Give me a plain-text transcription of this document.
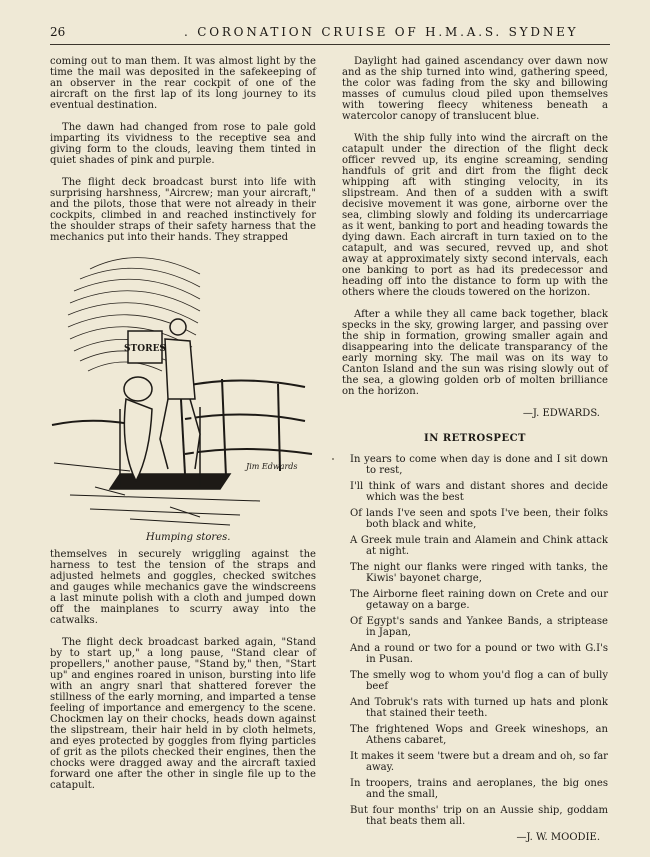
26	. CORONATION CRUISE OF H.M.A.S. SYDNEY

coming out to man them. It was almost light by the time the mail was deposited in the safekeeping of an observer in the rear cockpit of one of the aircraft on the first lap of its long journey to its eventual destination.

The dawn had changed from rose to pale gold imparting its vividness to the receptive sea and giving form to the clouds, leaving them tinted in quiet shades of pink and purple.

The flight deck broadcast burst into life with surprising harshness, "Aircrew; man your aircraft," and the pilots, those that were not already in their cockpits, climbed in and reached instinctively for the shoulder straps of their safety harness that the mechanics put into their hands. They strapped

STORES
Jim Edwards
Humping stores.

themselves in securely wriggling against the harness to test the tension of the straps and adjusted helmets and goggles, checked switches and gauges while mechanics gave the windscreens a last minute polish with a cloth and jumped down off the mainplanes to scurry away into the catwalks.

The flight deck broadcast barked again, "Stand by to start up," a long pause, "Stand clear of propellers," another pause, "Stand by," then, "Start up" and engines roared in unison, bursting into life with an angry snarl that shattered forever the stillness of the early morning, and imparted a tense feeling of importance and emergency to the scene. Chockmen lay on their chocks, heads down against the slipstream, their hair held in by cloth helmets, and eyes protected by goggles from flying particles of grit as the pilots checked their engines, then the chocks were dragged away and the aircraft taxied forward one after the other in single file up to the catapult.

Daylight had gained ascendancy over dawn now and as the ship turned into wind, gathering speed, the color was fading from the sky and billowing masses of cumulus cloud piled upon themselves with towering fleecy whiteness beneath a watercolor canopy of translucent blue.

With the ship fully into wind the aircraft on the catapult under the direction of the flight deck officer revved up, its engine screaming, sending handfuls of grit and dirt from the flight deck whipping aft with stinging velocity, in its slipstream. And then of a sudden with a swift decisive movement it was gone, airborne over the sea, climbing slowly and folding its undercarriage as it went, banking to port and heading towards the dying dawn. Each aircraft in turn taxied on to the catapult, and was secured, revved up, and shot away at approximately sixty second intervals, each one banking to port as had its predecessor and heading off into the distance to form up with the others where the clouds towered on the horizon.

After a while they all came back together, black specks in the sky, growing larger, and passing over the ship in formation, growing smaller again and disappearing into the delicate transparancy of the early morning sky. The mail was on its way to Canton Island and the sun was rising slowly out of the sea, a glowing golden orb of molten brilliance on the horizon.

—J. EDWARDS.
IN RETROSPECT

In years to come when day is done and I sit down to rest,

I'll think of wars and distant shores and decide which was the best

Of lands I've seen and spots I've been, their folks both black and white,

A Greek mule train and Alamein and Chink attack at night.

The night our flanks were ringed with tanks, the Kiwis' bayonet charge,

The Airborne fleet raining down on Crete and our getaway on a barge.

Of Egypt's sands and Yankee Bands, a striptease in Japan,

And a round or two for a pound or two with G.I's in Pusan.

The smelly wog to whom you'd flog a can of bully beef

And Tobruk's rats with turned up hats and plonk that stained their teeth.

The frightened Wops and Greek wineshops, an Athens cabaret,

It makes it seem 'twere but a dream and oh, so far away.

In troopers, trains and aeroplanes, the big ones and the small,

But four months' trip on an Aussie ship, goddam that beats them all.

—J. W. MOODIE.
